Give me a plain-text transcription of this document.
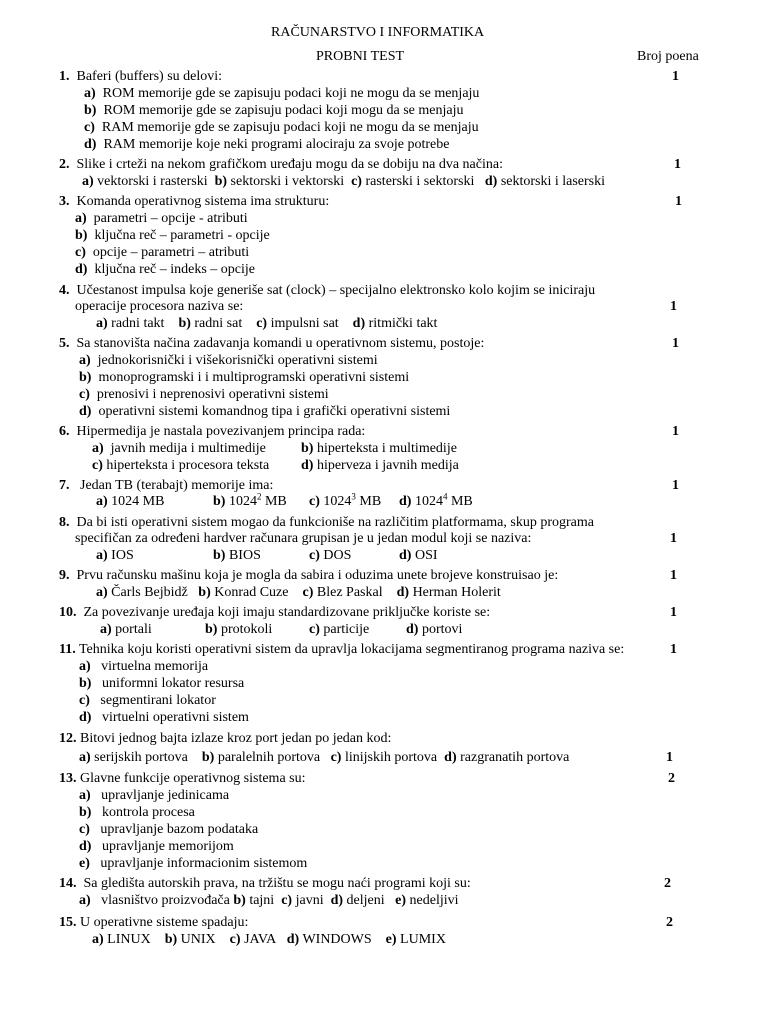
RAČUNARSTVO I INFORMATIKA
PROBNI TEST	Broj poena
1. Baferi (buffers) su delovi:	1
a) ROM memorije gde se zapisuju podaci koji ne mogu da se menjaju
b) ROM memorije gde se zapisuju podaci koji mogu da se menjaju
c) RAM memorije gde se zapisuju podaci koji ne mogu da se menjaju
d) RAM memorije koje neki programi alociraju za svoje potrebe
2. Slike i crteži na nekom grafičkom uređaju mogu da se dobiju na dva načina:	1
a) vektorski i rasterski b) sektorski i vektorski c) rasterski i sektorski d) sektorski i laserski
3. Komanda operativnog sistema ima strukturu:	1
a) parametri – opcije - atributi
b) ključna reč – parametri - opcije
c) opcije – parametri – atributi
d) ključna reč – indeks – opcije
4. Učestanost impulsa koje generiše sat (clock) – specijalno elektronsko kolo kojim se iniciraju
operacije procesora naziva se:	1
a) radni takt b) radni sat c) impulsni sat d) ritmički takt
5. Sa stanovišta načina zadavanja komandi u operativnom sistemu, postoje:	1
a) jednokorisnički i višekorisnički operativni sistemi
b) monoprogramski i i multiprogramski operativni sistemi
c) prenosivi i neprenosivi operativni sistemi
d) operativni sistemi komandnog tipa i grafički operativni sistemi
6. Hipermedija je nastala povezivanjem principa rada:	1
a) javnih medija i multimedije	b) hiperteksta i multimedije
c) hiperteksta i procesora teksta d) hiperveza i javnih medija
7. Jedan TB (terabajt) memorije ima:	1
a) 1024 MB	b) 1024$^2$ MB c) 1024$^3$ MB d) 1024$^4$ MB
8. Da bi isti operativni sistem mogao da funkcioniše na različitim platformama, skup programa
specifičan za određeni hardver računara grupisan je u jedan modul koji se naziva:	1
a) IOS	b) BIOS	c) DOS	d) OSI
9. Prvu računsku mašinu koja je mogla da sabira i oduzima unete brojeve konstruisao je:	1
a) Čarls Bejbidž b) Konrad Cuze c) Blez Paskal d) Herman Holerit
10. Za povezivanje uređaja koji imaju standardizovane priključke koriste se:	1
a) portali	b) protokoli	c) particije	d) portovi
11. Tehnika koju koristi operativni sistem da upravlja lokacijama segmentiranog programa naziva se:	1
a) virtuelna memorija
b) uniformni lokator resursa
c) segmentirani lokator
d) virtuelni operativni sistem
12. Bitovi jednog bajta izlaze kroz port jedan po jedan kod:
a) serijskih portova b) paralelnih portova c) linijskih portova d) razgranatih portova	1
13. Glavne funkcije operativnog sistema su:	2
a) upravljanje jedinicama
b) kontrola procesa
c) upravljanje bazom podataka
d) upravljanje memorijom
e) upravljanje informacionim sistemom
14. Sa gledišta autorskih prava, na tržištu se mogu naći programi koji su:	2
a) vlasništvo proizvođača b) tajni c) javni d) deljeni e) nedeljivi
15. U operativne sisteme spadaju:	2
a) LINUX b) UNIX c) JAVA d) WINDOWS e) LUMIX
